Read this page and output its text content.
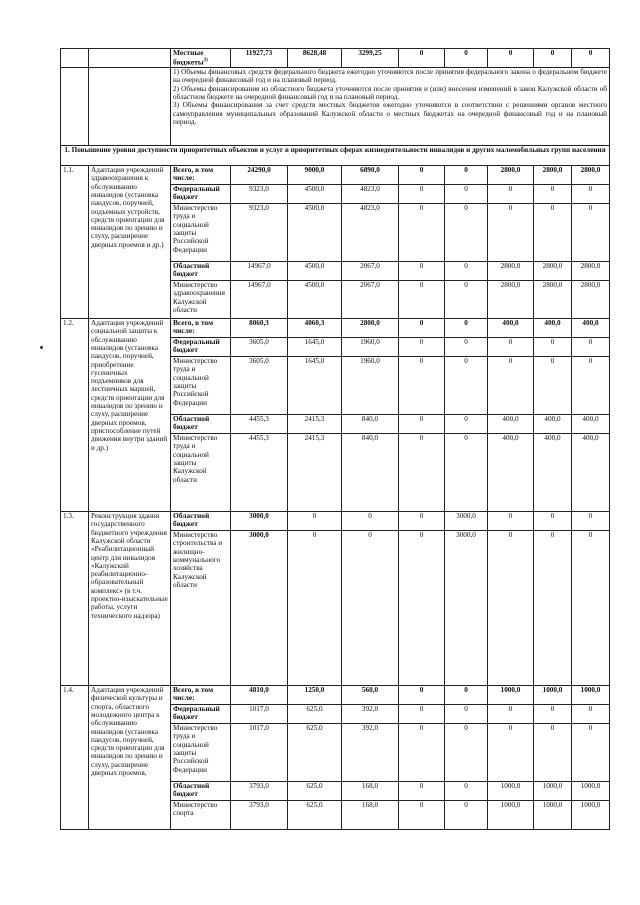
		Местные бюджеты$^{3)}$	11927,73	8628,48	3299,25	0	0	0	0	0

		1) Объемы финансовых средств федерального бюджета ежегодно уточняются после принятия федерального закона о федеральном бюджете на очередной финансовый год и на плановый период.
2) Объемы финансирования из областного бюджета уточняются после принятия и (или) внесения изменений в закон Калужской области об областном бюджете на очередной финансовый год и на плановый период.
3) Объемы финансирования за счет средств местных бюджетов ежегодно уточняются в соответствии с решениями органов местного самоуправления муниципальных образований Калужской области о местных бюджетах на очередной финансовый год и на плановый период.								

1. Повышение уровня доступности приоритетных объектов и услуг в приоритетных сферах жизнедеятельности инвалидов и других маломобильных групп населения										
1.1.	Адаптация учреждений здравоохранения к обслуживанию инвалидов (установка пандусов, поручней, подъемных устройств, средств ориентации для инвалидов по зрению и слуху, расширение дверных проемов и др.)	Всего, в том числе:	24290,0	9000,0	6890,0	0	0	2800,0	2800,0	2800,0
		Федеральный бюджет	9323,0	4500,0	4823,0	0	0	0	0	0
		Министерство труда и социальной защиты Российской Федерации	9323,0	4500,0	4823,0	0	0	0	0	0
		Областной бюджет	14967,0	4500,0	2067,0	0	0	2800,0	2800,0	2800,0
		Министерство здравоохранения Калужской области	14967,0	4500,0	2067,0	0	0	2800,0	2800,0	2800,0
1.2.	Адаптация учреждений социальной защиты к обслуживанию инвалидов (установка пандусов, поручней, приобретение гусеничных подъемников для лестничных маршей, средств ориентации для инвалидов по зрению и слуху, расширение дверных проемов, приспособление путей движения внутри зданий и др.)	Всего, в том числе:	8060,3	4060,3	2800,0	0	0	400,0	400,0	400,0
		Федеральный бюджет	3605,0	1645,0	1960,0	0	0	0	0	0
		Министерство труда и социальной защиты Российской Федерации	3605,0	1645,0	1960,0	0	0	0	0	0
		Областной бюджет	4455,3	2415,3	840,0	0	0	400,0	400,0	400,0
		Министерство труда и социальной защиты Калужской области	4455,3	2415,3	840,0	0	0	400,0	400,0	400,0
1.3.	Реконструкция здания государственного бюджетного учреждения Калужской области «Реабилитационный центр для инвалидов «Калужский реабилитационно-образовательный комплекс» (в т.ч. проектно-изыскательные работы, услуги технического надзора)	Областной бюджет	3000,0	0	0	0	3000,0	0	0	0
		Министерство строительства и жилищно-коммунального хозяйства Калужской области	3000,0	0	0	0	3000,0	0	0	0
1.4.	Адаптация учреждений физической культуры и спорта, областного молодежного центра к обслуживанию инвалидов (установка пандусов, поручней, средств ориентации для инвалидов по зрению и слуху, расширение дверных проемов,	Всего, в том числе:	4810,0	1250,0	560,0	0	0	1000,0	1000,0	1000,0
		Федеральный бюджет	1017,0	625,0	392,0	0	0	0	0	0
		Министерство труда и социальной защиты Российской Федерации	1017,0	625,0	392,0	0	0	0	0	0
		Областной бюджет	3793,0	625,0	168,0	0	0	1000,0	1000,0	1000,0
		Министерство спорта	3793,0	625,0	168,0	0	0	1000,0	1000,0	1000,0
